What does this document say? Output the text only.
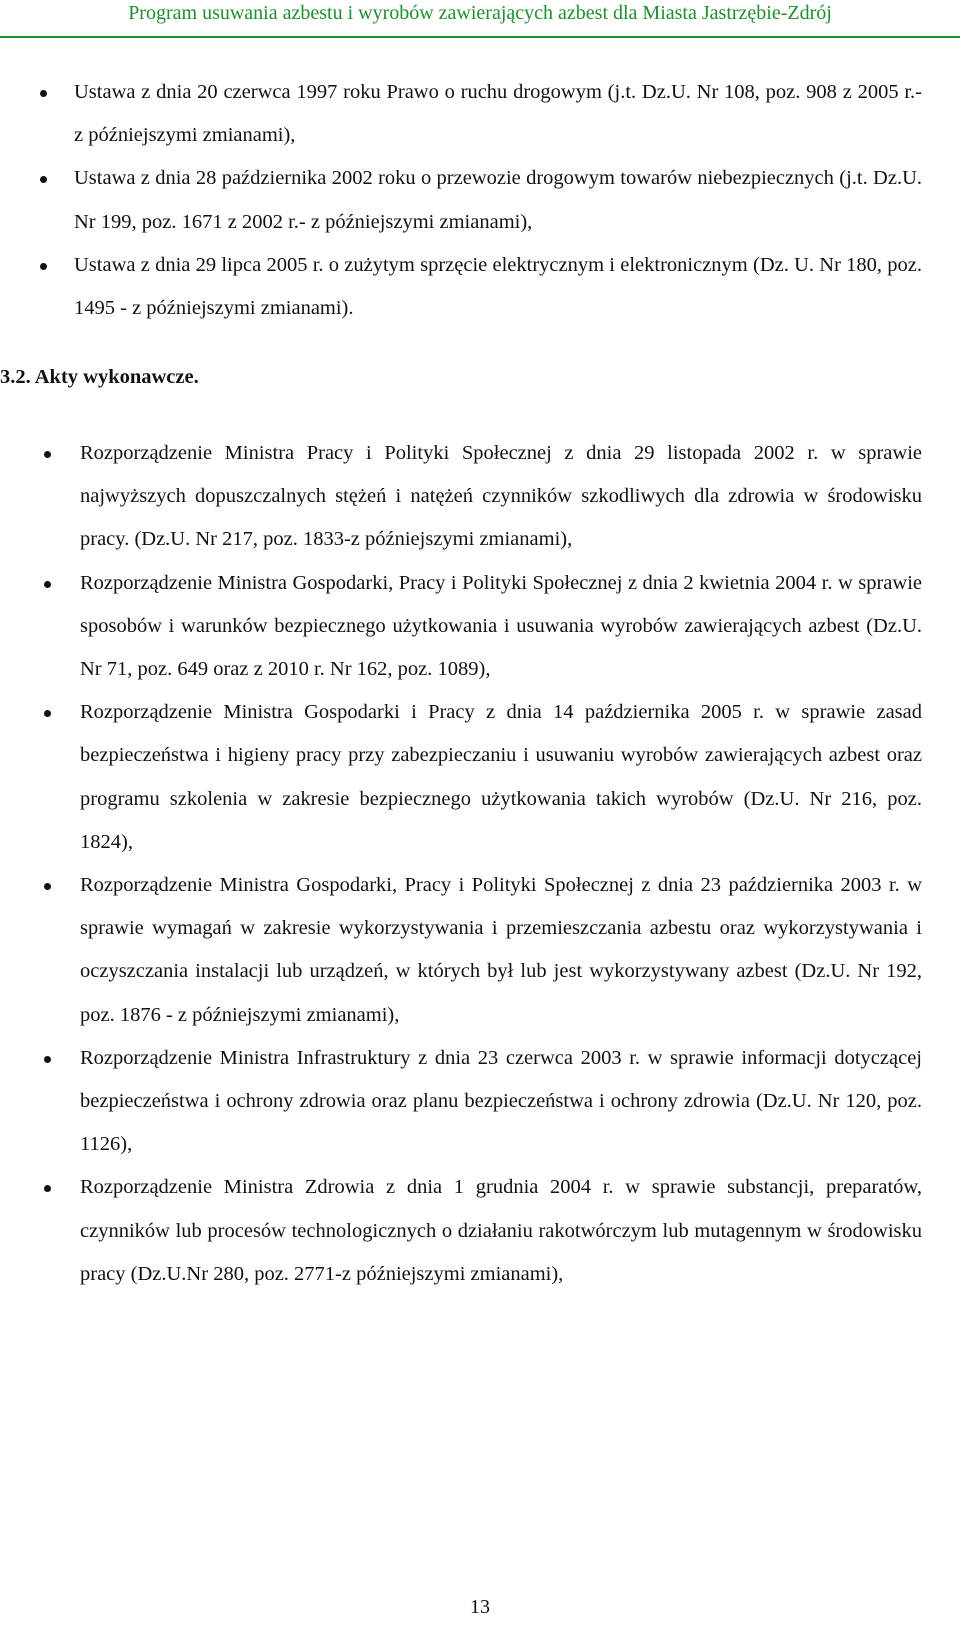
Program usuwania azbestu i wyrobów zawierających azbest dla Miasta Jastrzębie-Zdrój
Ustawa z dnia 20 czerwca 1997 roku Prawo o ruchu drogowym (j.t. Dz.U. Nr 108, poz. 908 z 2005 r.- z późniejszymi zmianami),
Ustawa z dnia 28 października 2002 roku o przewozie drogowym towarów niebezpiecznych (j.t. Dz.U. Nr 199, poz. 1671 z 2002 r.- z późniejszymi zmianami),
Ustawa z dnia 29 lipca 2005 r. o zużytym sprzęcie elektrycznym i elektronicznym (Dz. U. Nr 180, poz. 1495 - z późniejszymi zmianami).
3.2. Akty wykonawcze.
Rozporządzenie Ministra Pracy i Polityki Społecznej z dnia 29 listopada 2002 r. w sprawie najwyższych dopuszczalnych stężeń i natężeń czynników szkodliwych dla zdrowia w środowisku pracy. (Dz.U. Nr 217, poz. 1833-z późniejszymi zmianami),
Rozporządzenie Ministra Gospodarki, Pracy i Polityki Społecznej z dnia 2 kwietnia 2004 r. w sprawie sposobów i warunków bezpiecznego użytkowania i usuwania wyrobów zawierających azbest (Dz.U. Nr 71, poz. 649 oraz z 2010 r. Nr 162, poz. 1089),
Rozporządzenie Ministra Gospodarki i Pracy z dnia 14 października 2005 r. w sprawie zasad bezpieczeństwa i higieny pracy przy zabezpieczaniu i usuwaniu wyrobów zawierających azbest oraz programu szkolenia w zakresie bezpiecznego użytkowania takich wyrobów (Dz.U. Nr 216, poz. 1824),
Rozporządzenie Ministra Gospodarki, Pracy i Polityki Społecznej z dnia 23 października 2003 r. w sprawie wymagań w zakresie wykorzystywania i przemieszczania azbestu oraz wykorzystywania i oczyszczania instalacji lub urządzeń, w których był lub jest wykorzystywany azbest (Dz.U. Nr 192, poz. 1876 - z późniejszymi zmianami),
Rozporządzenie Ministra Infrastruktury z dnia 23 czerwca 2003 r. w sprawie informacji dotyczącej bezpieczeństwa i ochrony zdrowia oraz planu bezpieczeństwa i ochrony zdrowia (Dz.U. Nr 120, poz. 1126),
Rozporządzenie Ministra Zdrowia z dnia 1 grudnia 2004 r. w sprawie substancji, preparatów, czynników lub procesów technologicznych o działaniu rakotwórczym lub mutagennym w środowisku pracy (Dz.U.Nr 280, poz. 2771-z późniejszymi zmianami),
13
